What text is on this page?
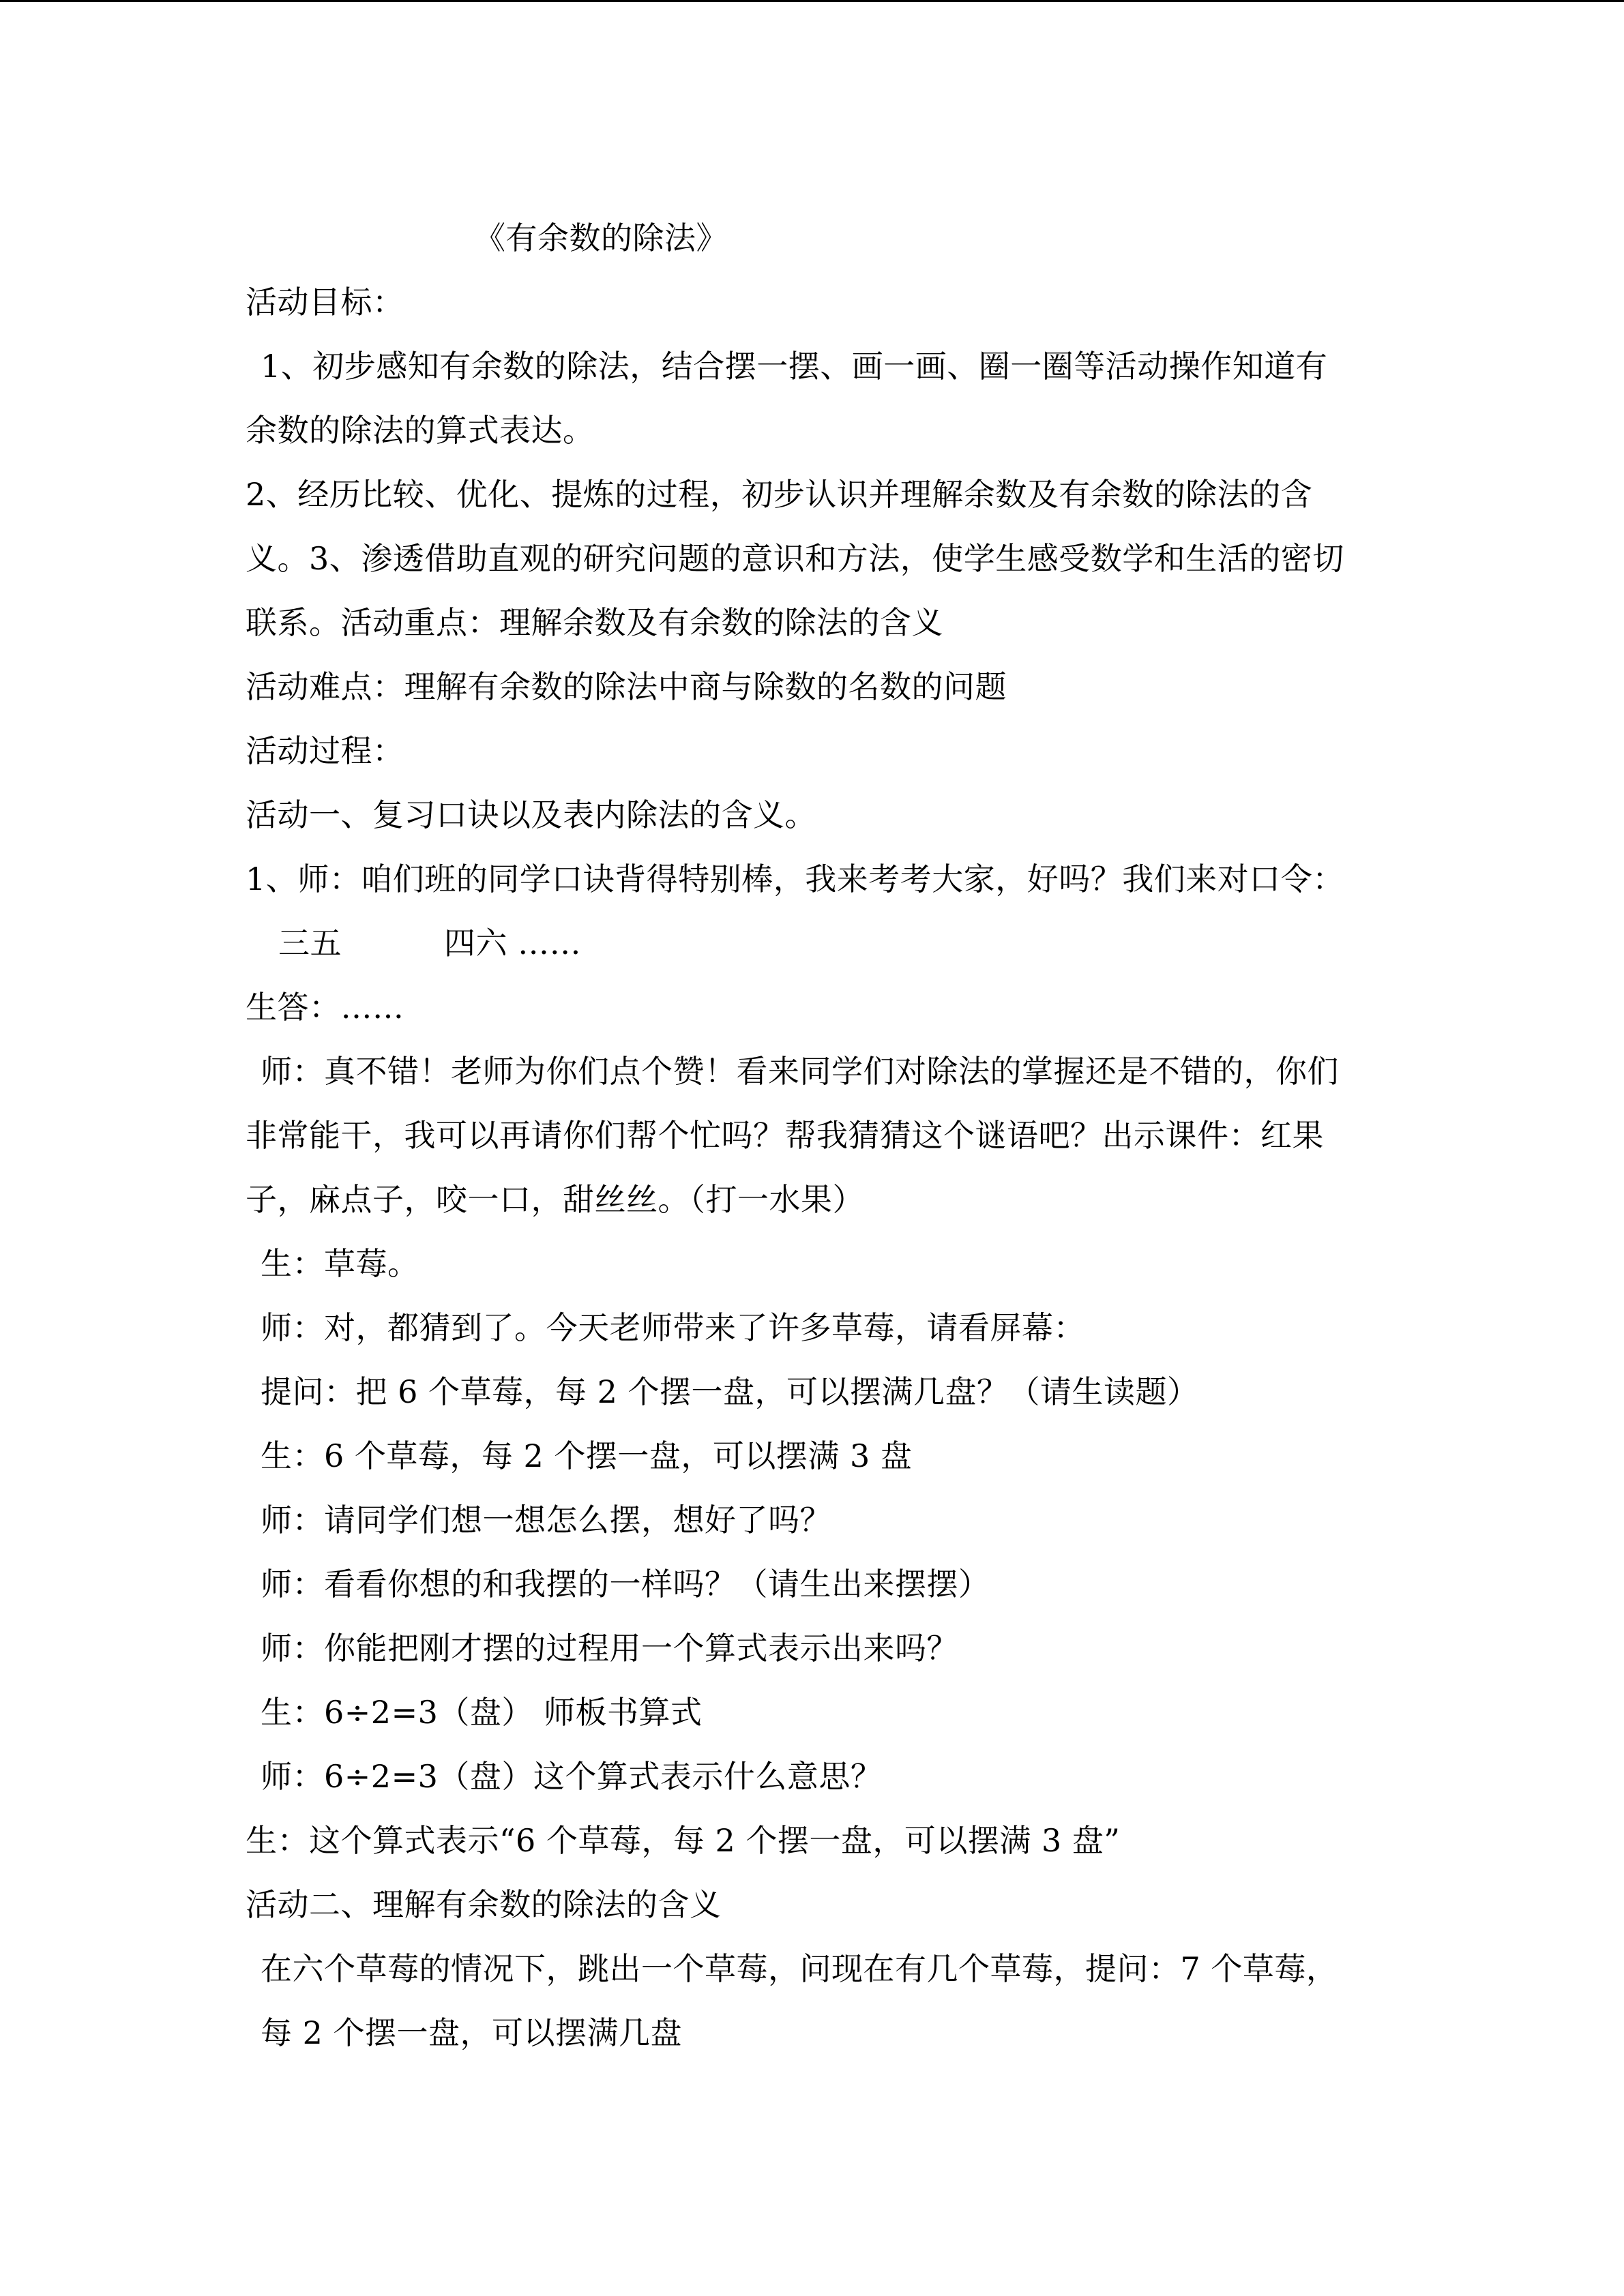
《有余数的除法》
活动目标：
1、初步感知有余数的除法，结合摆一摆、画一画、圈一圈等活动操作知道有
余数的除法的算式表达。
2、经历比较、优化、提炼的过程，初步认识并理解余数及有余数的除法的含
义。3、渗透借助直观的研究问题的意识和方法，使学生感受数学和生活的密切
联系。活动重点：理解余数及有余数的除法的含义
活动难点：理解有余数的除法中商与除数的名数的问题
活动过程：
活动一、复习口诀以及表内除法的含义。
1、师：咱们班的同学口诀背得特别棒，我来考考大家，好吗？我们来对口令：
三五	四六 ……
生答：……
师：真不错！老师为你们点个赞！看来同学们对除法的掌握还是不错的，你们
非常能干，我可以再请你们帮个忙吗？帮我猜猜这个谜语吧？出示课件：红果
子，麻点子，咬一口，甜丝丝。（打一水果）
生：草莓。
师：对，都猜到了。今天老师带来了许多草莓，请看屏幕：
提问：把 6 个草莓，每 2 个摆一盘，可以摆满几盘？（请生读题）
生：6 个草莓，每 2 个摆一盘，可以摆满 3 盘
师：请同学们想一想怎么摆，想好了吗？
师：看看你想的和我摆的一样吗？（请生出来摆摆）
师：你能把刚才摆的过程用一个算式表示出来吗？
生：6÷2=3（盘） 师板书算式
师：6÷2=3（盘）这个算式表示什么意思？
生：这个算式表示“6 个草莓，每 2 个摆一盘，可以摆满 3 盘”
活动二、理解有余数的除法的含义
在六个草莓的情况下，跳出一个草莓，问现在有几个草莓，提问：7 个草莓，
每 2 个摆一盘，可以摆满几盘
